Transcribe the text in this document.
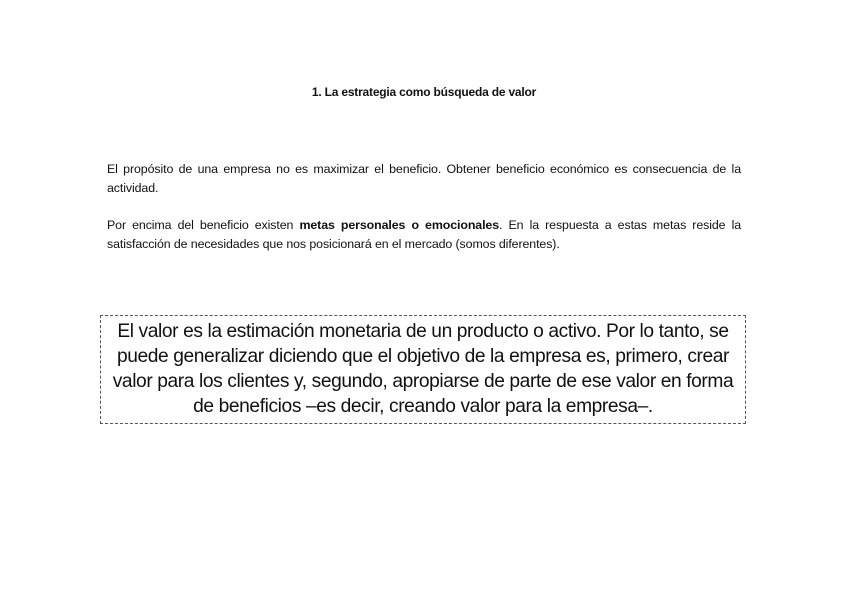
1. La estrategia como búsqueda de valor

El propósito de una empresa no es maximizar el beneficio. Obtener beneficio económico es consecuencia de la actividad.

Por encima del beneficio existen metas personales o emocionales. En la respuesta a estas metas reside la satisfacción de necesidades que nos posicionará en el mercado (somos diferentes).

El valor es la estimación monetaria de un producto o activo. Por lo tanto, se puede generalizar diciendo que el objetivo de la empresa es, primero, crear valor para los clientes y, segundo, apropiarse de parte de ese valor en forma de beneficios –es decir, creando valor para la empresa–.
